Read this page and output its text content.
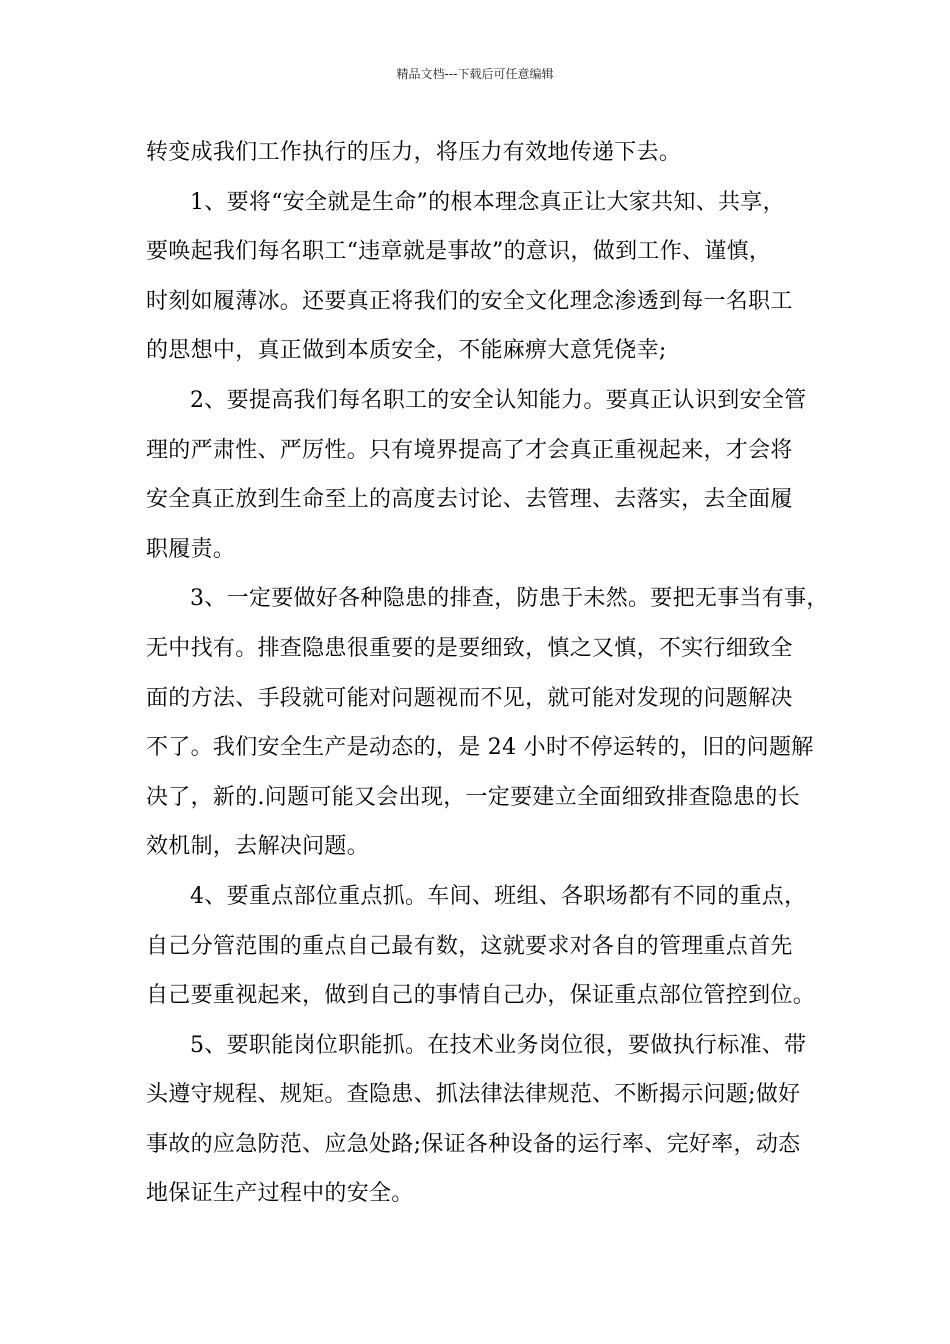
精品文档---下载后可任意编辑
转变成我们工作执行的压力，将压力有效地传递下去。
1、要将“安全就是生命”的根本理念真正让大家共知、共享，
要唤起我们每名职工“违章就是事故”的意识，做到工作、谨慎，
时刻如履薄冰。还要真正将我们的安全文化理念渗透到每一名职工
的思想中，真正做到本质安全，不能麻痹大意凭侥幸;
2、要提高我们每名职工的安全认知能力。要真正认识到安全管
理的严肃性、严厉性。只有境界提高了才会真正重视起来，才会将
安全真正放到生命至上的高度去讨论、去管理、去落实，去全面履
职履责。
3、一定要做好各种隐患的排查，防患于未然。要把无事当有事，
无中找有。排查隐患很重要的是要细致，慎之又慎，不实行细致全
面的方法、手段就可能对问题视而不见，就可能对发现的问题解决
不了。我们安全生产是动态的，是 24 小时不停运转的，旧的问题解
决了，新的.问题可能又会出现，一定要建立全面细致排查隐患的长
效机制，去解决问题。
4、要重点部位重点抓。车间、班组、各职场都有不同的重点，
自己分管范围的重点自己最有数，这就要求对各自的管理重点首先
自己要重视起来，做到自己的事情自己办，保证重点部位管控到位。
5、要职能岗位职能抓。在技术业务岗位很，要做执行标准、带
头遵守规程、规矩。查隐患、抓法律法律规范、不断揭示问题;做好
事故的应急防范、应急处路;保证各种设备的运行率、完好率，动态
地保证生产过程中的安全。
